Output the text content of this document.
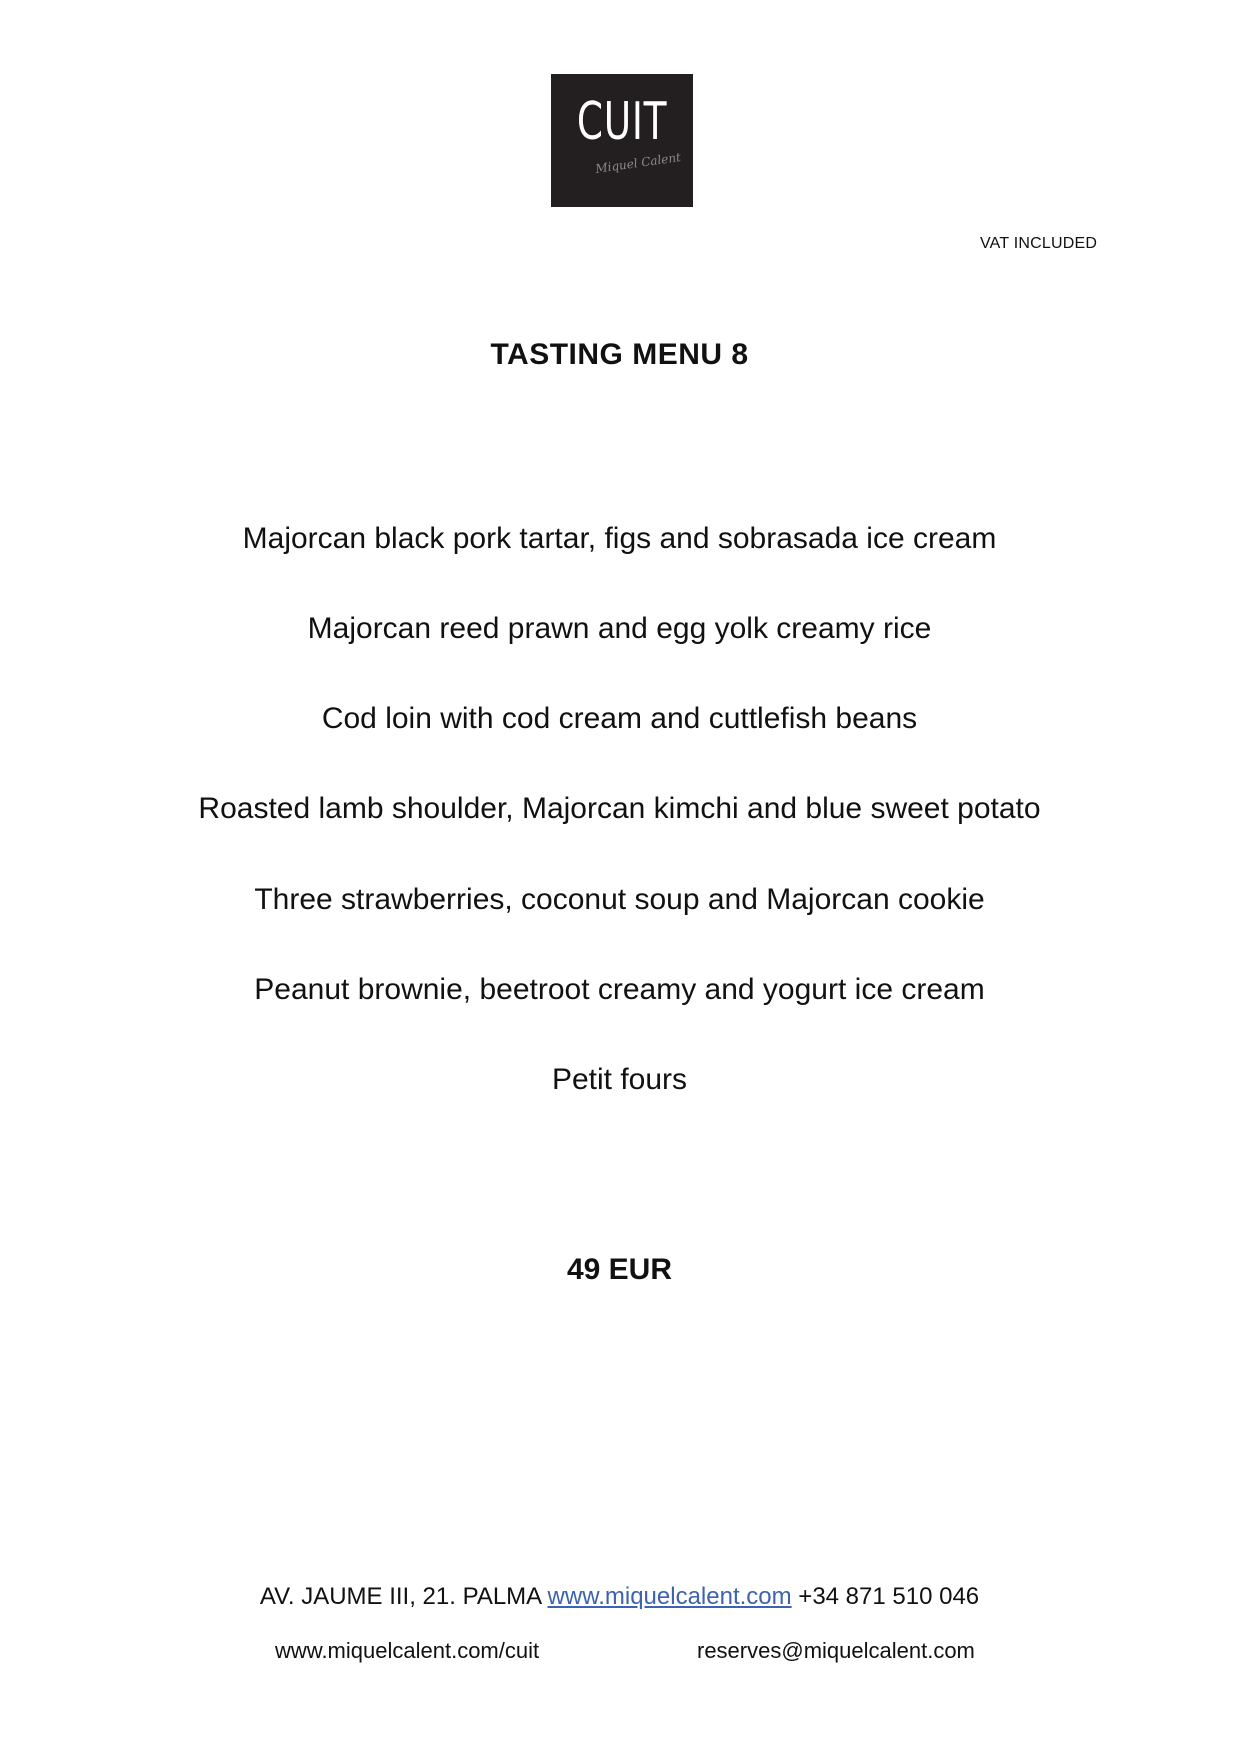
CUIT
Miquel Calent
VAT INCLUDED
TASTING MENU 8
Majorcan black pork tartar, figs and sobrasada ice cream
Majorcan reed prawn and egg yolk creamy rice
Cod loin with cod cream and cuttlefish beans
Roasted lamb shoulder, Majorcan kimchi and blue sweet potato
Three strawberries, coconut soup and Majorcan cookie
Peanut brownie, beetroot creamy and yogurt ice cream
Petit fours
49 EUR
AV. JAUME III, 21. PALMA www.miquelcalent.com +34 871 510 046
www.miquelcalent.com/cuit	reserves@miquelcalent.com
